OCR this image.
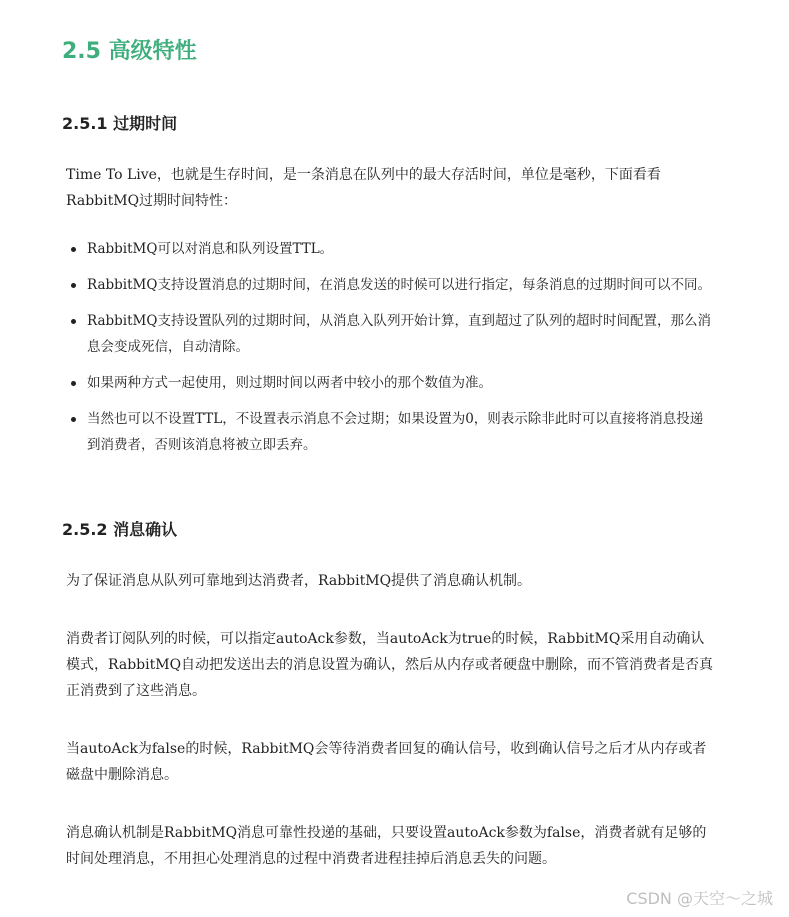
2.5 高级特性
2.5.1 过期时间

Time To Live，也就是生存时间，是一条消息在队列中的最大存活时间，单位是毫秒，下面看看RabbitMQ过期时间特性：

RabbitMQ可以对消息和队列设置TTL。
RabbitMQ支持设置消息的过期时间，在消息发送的时候可以进行指定，每条消息的过期时间可以不同。
RabbitMQ支持设置队列的过期时间，从消息入队列开始计算，直到超过了队列的超时时间配置，那么消息会变成死信，自动清除。
如果两种方式一起使用，则过期时间以两者中较小的那个数值为准。
当然也可以不设置TTL，不设置表示消息不会过期；如果设置为0，则表示除非此时可以直接将消息投递到消费者，否则该消息将被立即丢弃。
2.5.2 消息确认

为了保证消息从队列可靠地到达消费者，RabbitMQ提供了消息确认机制。

消费者订阅队列的时候，可以指定autoAck参数，当autoAck为true的时候，RabbitMQ采用自动确认模式，RabbitMQ自动把发送出去的消息设置为确认，然后从内存或者硬盘中删除，而不管消费者是否真正消费到了这些消息。

当autoAck为false的时候，RabbitMQ会等待消费者回复的确认信号，收到确认信号之后才从内存或者磁盘中删除消息。

消息确认机制是RabbitMQ消息可靠性投递的基础，只要设置autoAck参数为false，消费者就有足够的时间处理消息，不用担心处理消息的过程中消费者进程挂掉后消息丢失的问题。

CSDN @天空～之城
